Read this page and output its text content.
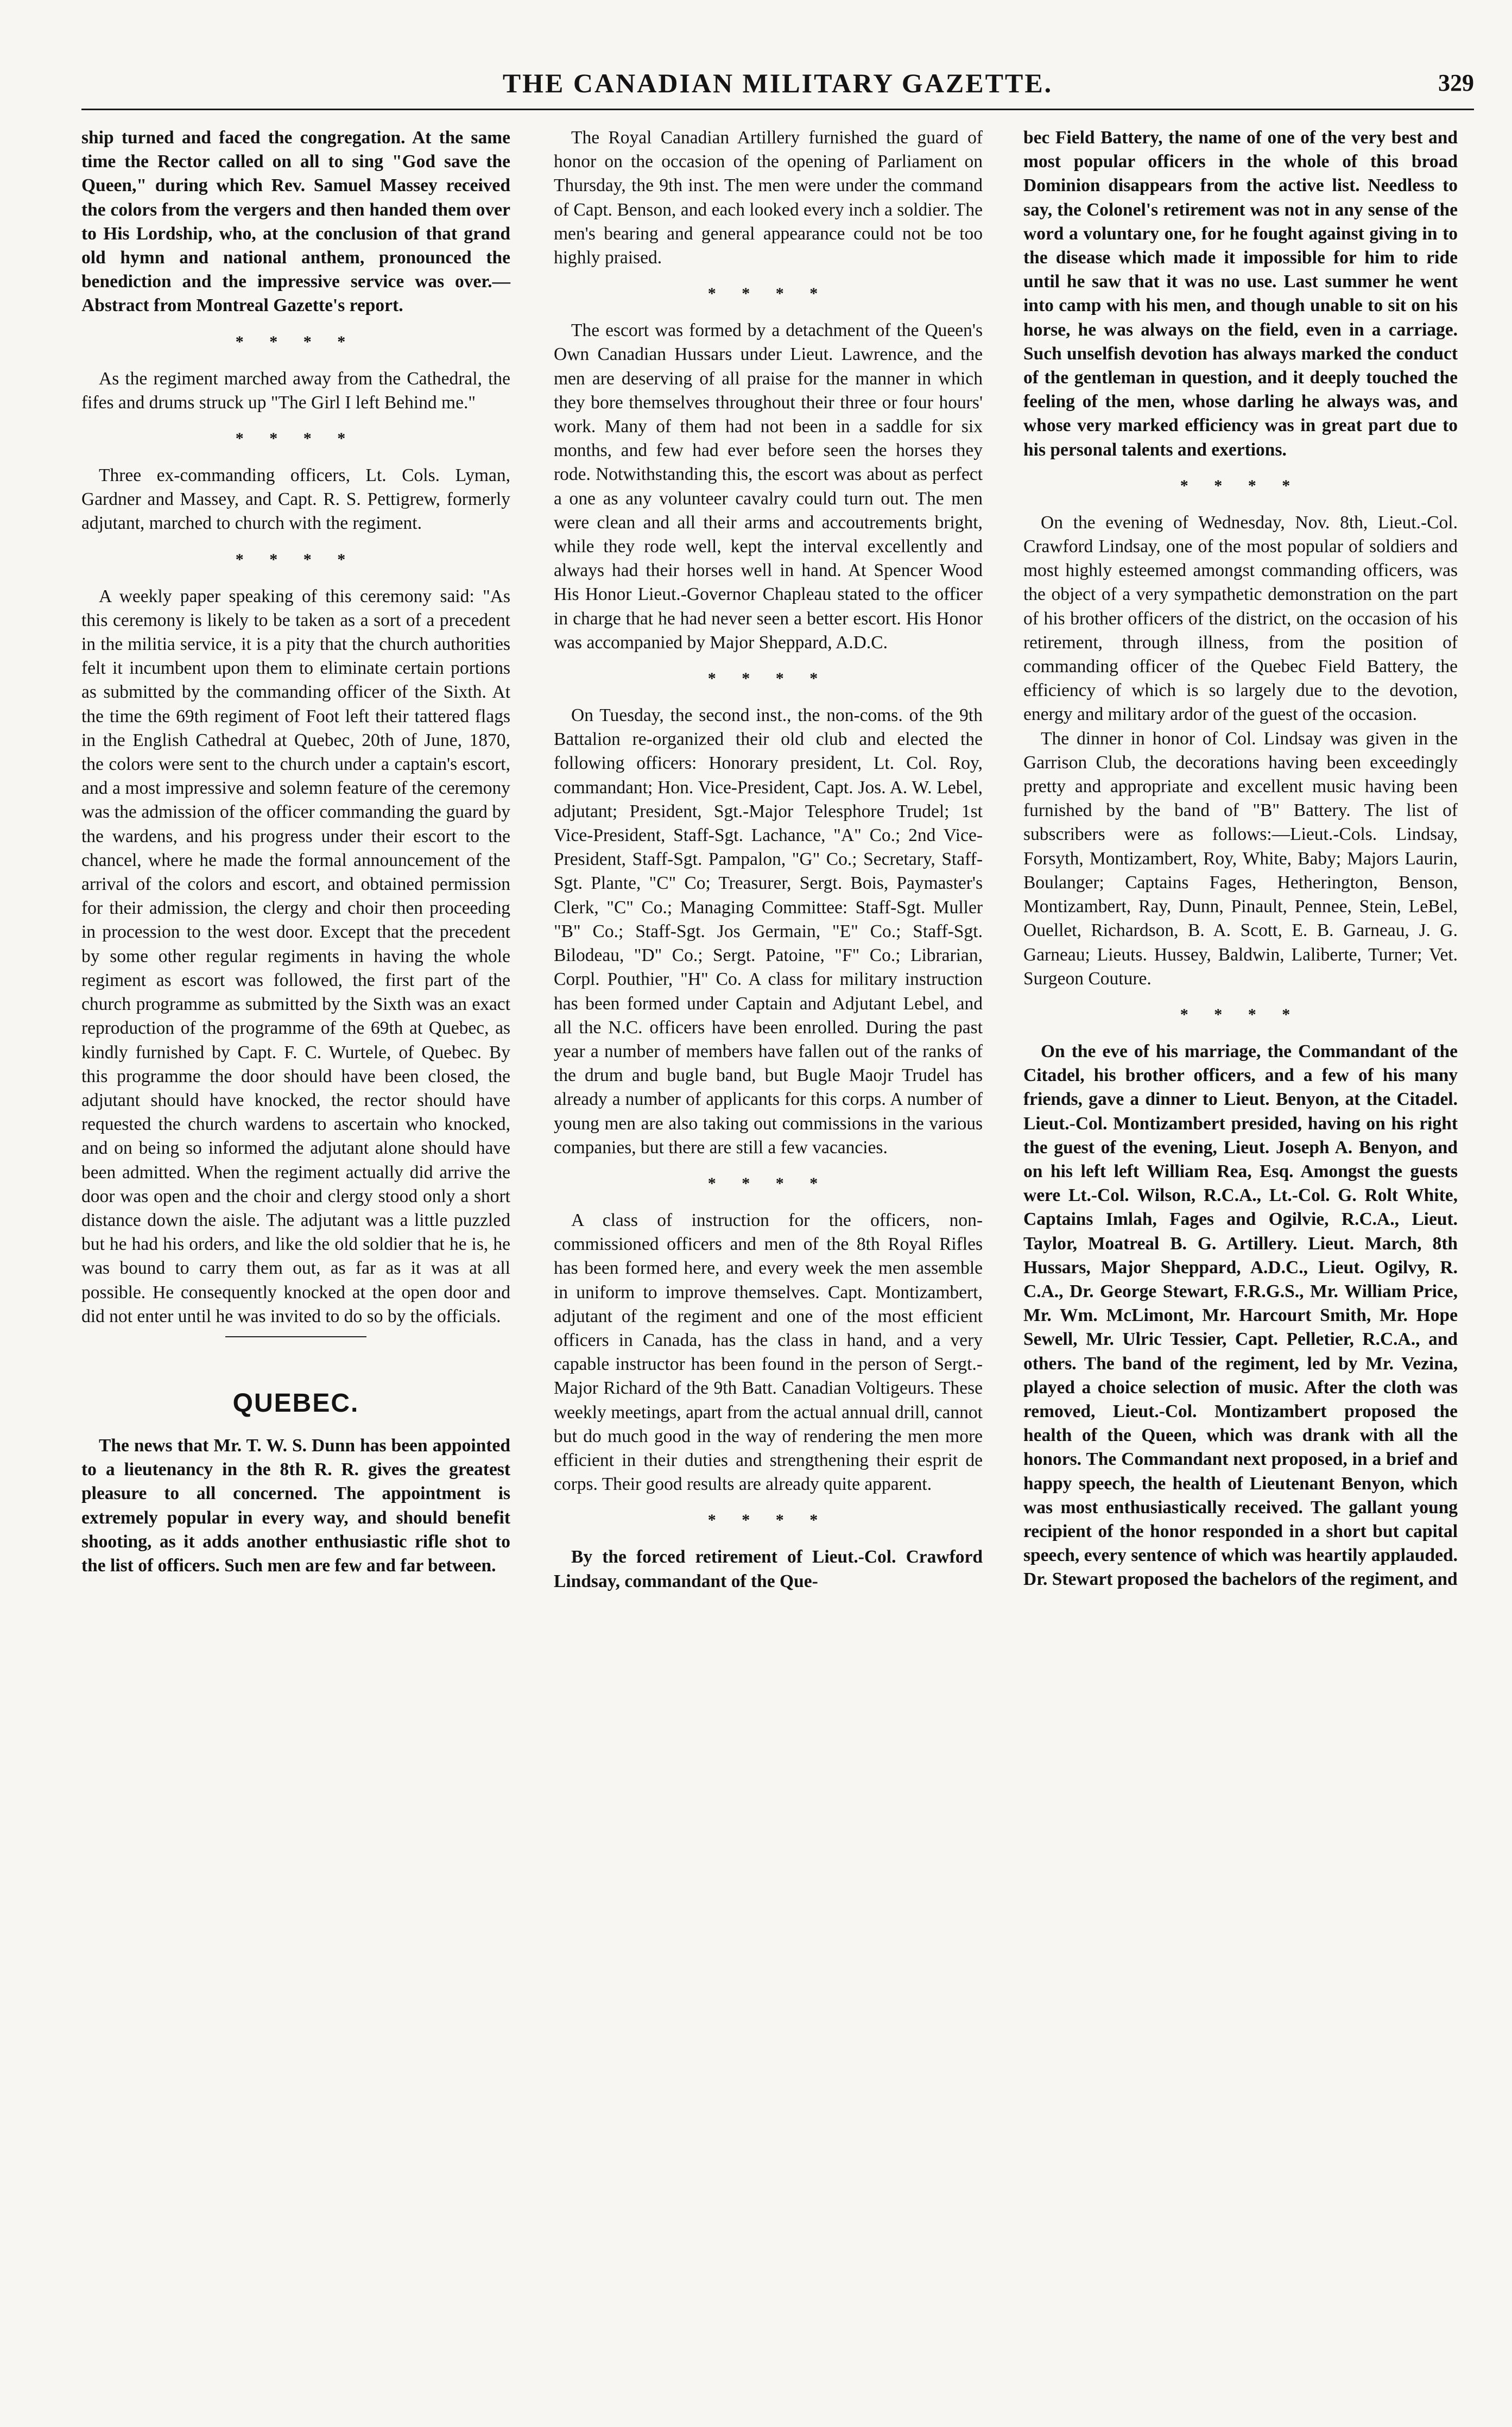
THE CANADIAN MILITARY GAZETTE.	329

ship turned and faced the congregation. At the same time the Rector called on all to sing "God save the Queen," during which Rev. Samuel Massey received the colors from the vergers and then handed them over to His Lordship, who, at the conclusion of that grand old hymn and national anthem, pronounced the benediction and the impressive service was over.—Abstract from Montreal Gazette's report.

* * * *

As the regiment marched away from the Cathedral, the fifes and drums struck up "The Girl I left Behind me."

* * * *

Three ex-commanding officers, Lt. Cols. Lyman, Gardner and Massey, and Capt. R. S. Pettigrew, formerly adjutant, marched to church with the regiment.

* * * *

A weekly paper speaking of this ceremony said: "As this ceremony is likely to be taken as a sort of a precedent in the militia service, it is a pity that the church authorities felt it incumbent upon them to eliminate certain portions as submitted by the commanding officer of the Sixth. At the time the 69th regiment of Foot left their tattered flags in the English Cathedral at Quebec, 20th of June, 1870, the colors were sent to the church under a captain's escort, and a most impressive and solemn feature of the ceremony was the admission of the officer commanding the guard by the wardens, and his progress under their escort to the chancel, where he made the formal announcement of the arrival of the colors and escort, and obtained permission for their admission, the clergy and choir then proceeding in procession to the west door. Except that the precedent by some other regular regiments in having the whole regiment as escort was followed, the first part of the church programme as submitted by the Sixth was an exact reproduction of the programme of the 69th at Quebec, as kindly furnished by Capt. F. C. Wurtele, of Quebec. By this programme the door should have been closed, the adjutant should have knocked, the rector should have requested the church wardens to ascertain who knocked, and on being so informed the adjutant alone should have been admitted. When the regiment actually did arrive the door was open and the choir and clergy stood only a short distance down the aisle. The adjutant was a little puzzled but he had his orders, and like the old soldier that he is, he was bound to carry them out, as far as it was at all possible. He consequently knocked at the open door and did not enter until he was invited to do so by the officials.

QUEBEC.

The news that Mr. T. W. S. Dunn has been appointed to a lieutenancy in the 8th R. R. gives the greatest pleasure to all concerned. The appointment is extremely popular in every way, and should benefit shooting, as it adds another enthusiastic rifle shot to the list of officers. Such men are few and far between.

The Royal Canadian Artillery furnished the guard of honor on the occasion of the opening of Parliament on Thursday, the 9th inst. The men were under the command of Capt. Benson, and each looked every inch a soldier. The men's bearing and general appearance could not be too highly praised.

* * * *

The escort was formed by a detachment of the Queen's Own Canadian Hussars under Lieut. Lawrence, and the men are deserving of all praise for the manner in which they bore themselves throughout their three or four hours' work. Many of them had not been in a saddle for six months, and few had ever before seen the horses they rode. Notwithstanding this, the escort was about as perfect a one as any volunteer cavalry could turn out. The men were clean and all their arms and accoutrements bright, while they rode well, kept the interval excellently and always had their horses well in hand. At Spencer Wood His Honor Lieut.-Governor Chapleau stated to the officer in charge that he had never seen a better escort. His Honor was accompanied by Major Sheppard, A.D.C.

* * * *

On Tuesday, the second inst., the non-coms. of the 9th Battalion re-organized their old club and elected the following officers: Honorary president, Lt. Col. Roy, commandant; Hon. Vice-President, Capt. Jos. A. W. Lebel, adjutant; President, Sgt.-Major Telesphore Trudel; 1st Vice-President, Staff-Sgt. Lachance, "A" Co.; 2nd Vice-President, Staff-Sgt. Pampalon, "G" Co.; Secretary, Staff-Sgt. Plante, "C" Co; Treasurer, Sergt. Bois, Paymaster's Clerk, "C" Co.; Managing Committee: Staff-Sgt. Muller "B" Co.; Staff-Sgt. Jos Germain, "E" Co.; Staff-Sgt. Bilodeau, "D" Co.; Sergt. Patoine, "F" Co.; Librarian, Corpl. Pouthier, "H" Co. A class for military instruction has been formed under Captain and Adjutant Lebel, and all the N.C. officers have been enrolled. During the past year a number of members have fallen out of the ranks of the drum and bugle band, but Bugle Maojr Trudel has already a number of applicants for this corps. A number of young men are also taking out commissions in the various companies, but there are still a few vacancies.

* * * *

A class of instruction for the officers, non-commissioned officers and men of the 8th Royal Rifles has been formed here, and every week the men assemble in uniform to improve themselves. Capt. Montizambert, adjutant of the regiment and one of the most efficient officers in Canada, has the class in hand, and a very capable instructor has been found in the person of Sergt.-Major Richard of the 9th Batt. Canadian Voltigeurs. These weekly meetings, apart from the actual annual drill, cannot but do much good in the way of rendering the men more efficient in their duties and strengthening their esprit de corps. Their good results are already quite apparent.

* * * *

By the forced retirement of Lieut.-Col. Crawford Lindsay, commandant of the Que-

bec Field Battery, the name of one of the very best and most popular officers in the whole of this broad Dominion disappears from the active list. Needless to say, the Colonel's retirement was not in any sense of the word a voluntary one, for he fought against giving in to the disease which made it impossible for him to ride until he saw that it was no use. Last summer he went into camp with his men, and though unable to sit on his horse, he was always on the field, even in a carriage. Such unselfish devotion has always marked the conduct of the gentleman in question, and it deeply touched the feeling of the men, whose darling he always was, and whose very marked efficiency was in great part due to his personal talents and exertions.

* * * *

On the evening of Wednesday, Nov. 8th, Lieut.-Col. Crawford Lindsay, one of the most popular of soldiers and most highly esteemed amongst commanding officers, was the object of a very sympathetic demonstration on the part of his brother officers of the district, on the occasion of his retirement, through illness, from the position of commanding officer of the Quebec Field Battery, the efficiency of which is so largely due to the devotion, energy and military ardor of the guest of the occasion.

The dinner in honor of Col. Lindsay was given in the Garrison Club, the decorations having been exceedingly pretty and appropriate and excellent music having been furnished by the band of "B" Battery. The list of subscribers were as follows:—Lieut.-Cols. Lindsay, Forsyth, Montizambert, Roy, White, Baby; Majors Laurin, Boulanger; Captains Fages, Hetherington, Benson, Montizambert, Ray, Dunn, Pinault, Pennee, Stein, LeBel, Ouellet, Richardson, B. A. Scott, E. B. Garneau, J. G. Garneau; Lieuts. Hussey, Baldwin, Laliberte, Turner; Vet. Surgeon Couture.

* * * *

On the eve of his marriage, the Commandant of the Citadel, his brother officers, and a few of his many friends, gave a dinner to Lieut. Benyon, at the Citadel. Lieut.-Col. Montizambert presided, having on his right the guest of the evening, Lieut. Joseph A. Benyon, and on his left left William Rea, Esq. Amongst the guests were Lt.-Col. Wilson, R.C.A., Lt.-Col. G. Rolt White, Captains Imlah, Fages and Ogilvie, R.C.A., Lieut. Taylor, Moatreal B. G. Artillery. Lieut. March, 8th Hussars, Major Sheppard, A.D.C., Lieut. Ogilvy, R. C.A., Dr. George Stewart, F.R.G.S., Mr. William Price, Mr. Wm. McLimont, Mr. Harcourt Smith, Mr. Hope Sewell, Mr. Ulric Tessier, Capt. Pelletier, R.C.A., and others. The band of the regiment, led by Mr. Vezina, played a choice selection of music. After the cloth was removed, Lieut.-Col. Montizambert proposed the health of the Queen, which was drank with all the honors. The Commandant next proposed, in a brief and happy speech, the health of Lieutenant Benyon, which was most enthusiastically received. The gallant young recipient of the honor responded in a short but capital speech, every sentence of which was heartily applauded. Dr. Stewart proposed the bachelors of the regiment, and
